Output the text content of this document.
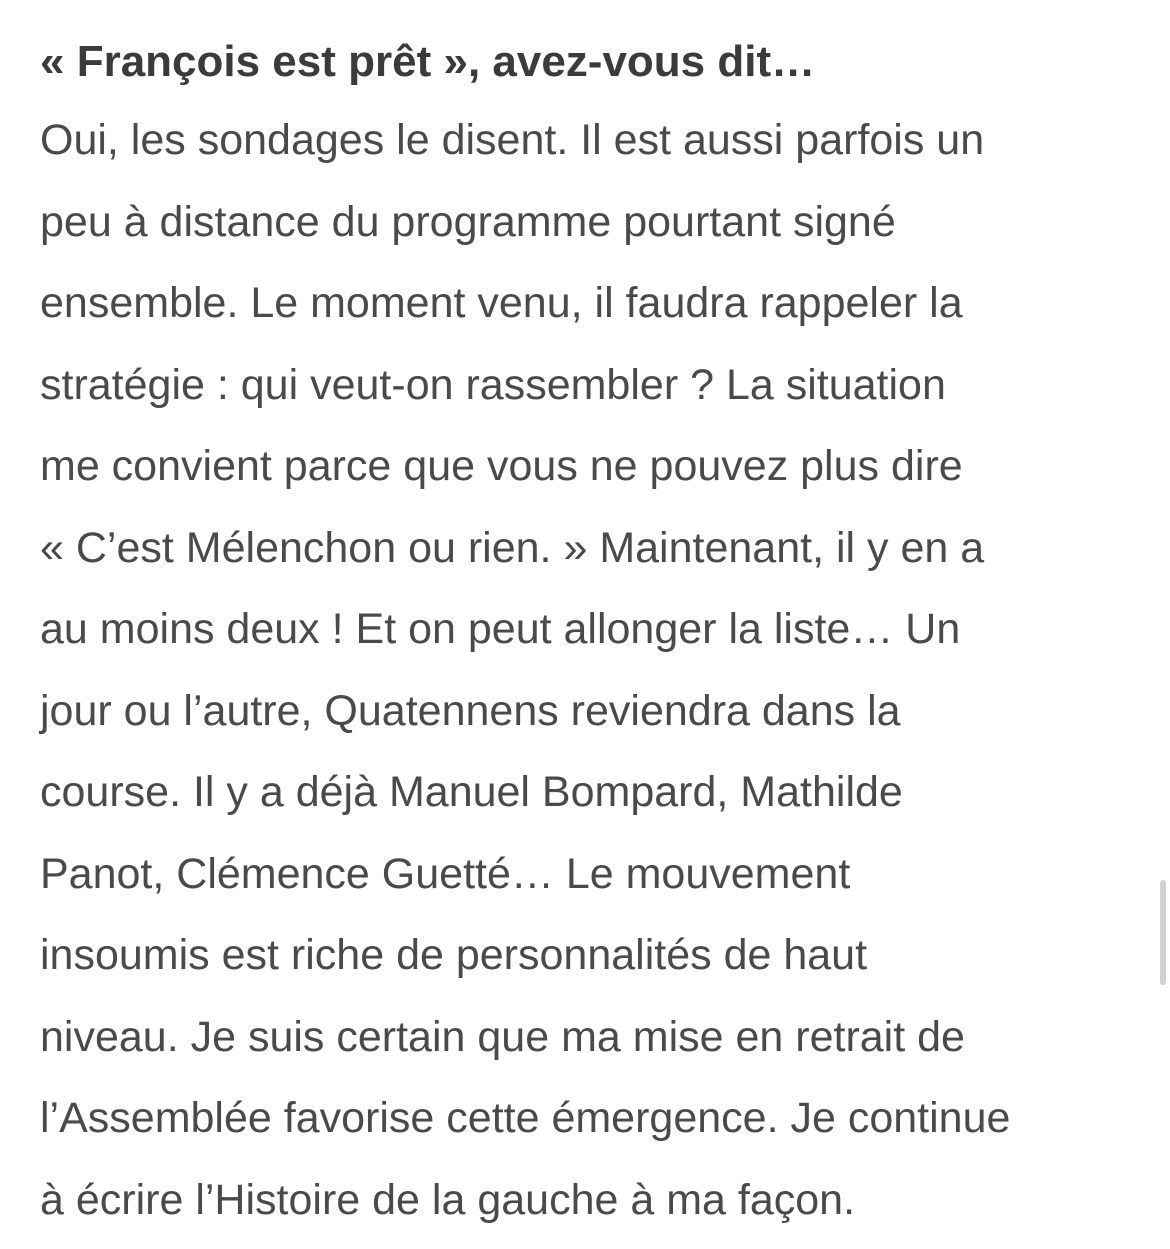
« François est prêt », avez-vous dit…

Oui, les sondages le disent. Il est aussi parfois un
peu à distance du programme pourtant signé
ensemble. Le moment venu, il faudra rappeler la
stratégie : qui veut-on rassembler ? La situation
me convient parce que vous ne pouvez plus dire
« C’est Mélenchon ou rien. » Maintenant, il y en a
au moins deux ! Et on peut allonger la liste… Un
jour ou l’autre, Quatennens reviendra dans la
course. Il y a déjà Manuel Bompard, Mathilde
Panot, Clémence Guetté… Le mouvement
insoumis est riche de personnalités de haut
niveau. Je suis certain que ma mise en retrait de
l’Assemblée favorise cette émergence. Je continue
à écrire l’Histoire de la gauche à ma façon.
